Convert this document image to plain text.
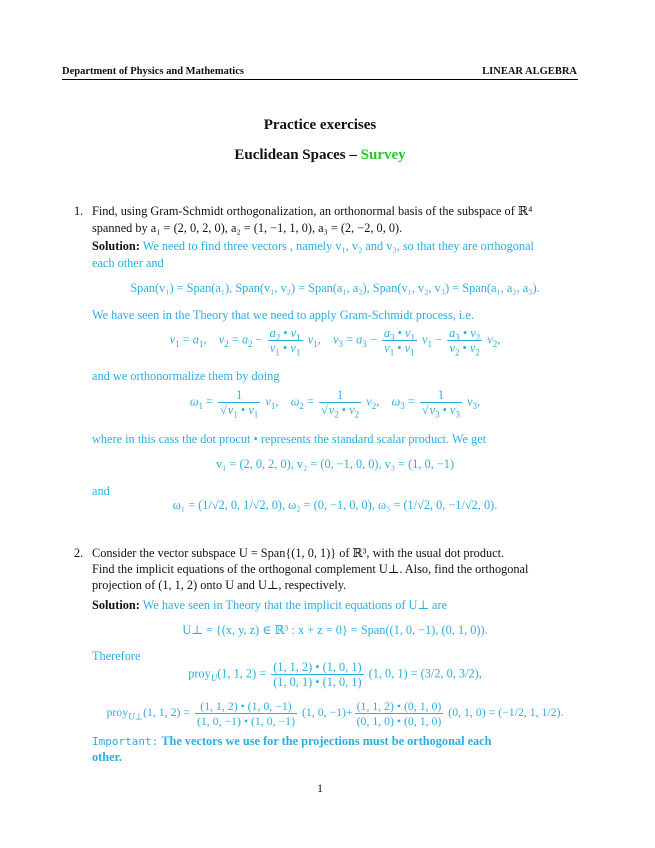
Department of Physics and Mathematics	LINEAR ALGEBRA
Practice exercises
Euclidean Spaces – Survey
1. Find, using Gram-Schmidt orthogonalization, an orthonormal basis of the subspace of ℝ⁴
spanned by a₁ = (2, 0, 2, 0), a₂ = (1, −1, 1, 0), a₃ = (2, −2, 0, 0).
Solution: We need to find three vectors , namely v₁, v₂ and v₃, so that they are orthogonal
each other and
Span(v₁) = Span(a₁), Span(v₁, v₂) = Span(a₁, a₂), Span(v₁, v₂, v₃) = Span(a₁, a₂, a₃).
We have seen in the Theory that we need to apply Gram-Schmidt process, i.e.
$v_1 = a_1$,    $v_2 = a_2 - \frac{a_2 • v_1}{v_1 • v_1} v_1$,    $v_3 = a_3 - \frac{a_3 • v_1}{v_1 • v_1} v_1 - \frac{a_3 • v_2}{v_2 • v_2} v_2$,
and we orthonormalize them by doing
$\omega_1 = \frac{1}{√v_1 • v_1} v_1$,    $\omega_2 = \frac{1}{√v_2 • v_2} v_2$,    $\omega_3 = \frac{1}{√v_3 • v_3} v_3$,
where in this cass the dot procut • represents the standard scalar product. We get
v₁ = (2, 0, 2, 0), v₂ = (0, −1, 0, 0), v₃ = (1, 0, −1)
and
ω₁ = (1/√2, 0, 1/√2, 0), ω₂ = (0, −1, 0, 0), ω₃ = (1/√2, 0, −1/√2, 0).
2. Consider the vector subspace U = Span{(1, 0, 1)} of ℝ³, with the usual dot product.
Find the implicit equations of the orthogonal complement U⊥. Also, find the orthogonal
projection of (1, 1, 2) onto U and U⊥, respectively.
Solution: We have seen in Theory that the implicit equations of U⊥ are
U⊥ = {(x, y, z) ∈ ℝ³ : x + z = 0} = Span((1, 0, −1), (0, 1, 0)).
Therefore
proy$_U$(1, 1, $2) = \frac{(1, 1, 2) • (1, 0, 1)}{(1, 0, 1) • (1, 0, 1)} (1$, 0, 1) = (3/2, 0, 3/2),
proy$_{U\perp}$(1, 1, $2) = \frac{(1, 1, 2) • (1, 0, -1)}{(1, 0, -1) • (1, 0, -1)} (1$, 0, $-1)+ \frac{(1, 1, 2) • (0, 1, 0)}{(0, 1, 0) • (0, 1, 0)} (0$, 1, 0) = (−1/2, 1, 1/2).
Important: The vectors we use for the projections must be orthogonal each
other.
1
